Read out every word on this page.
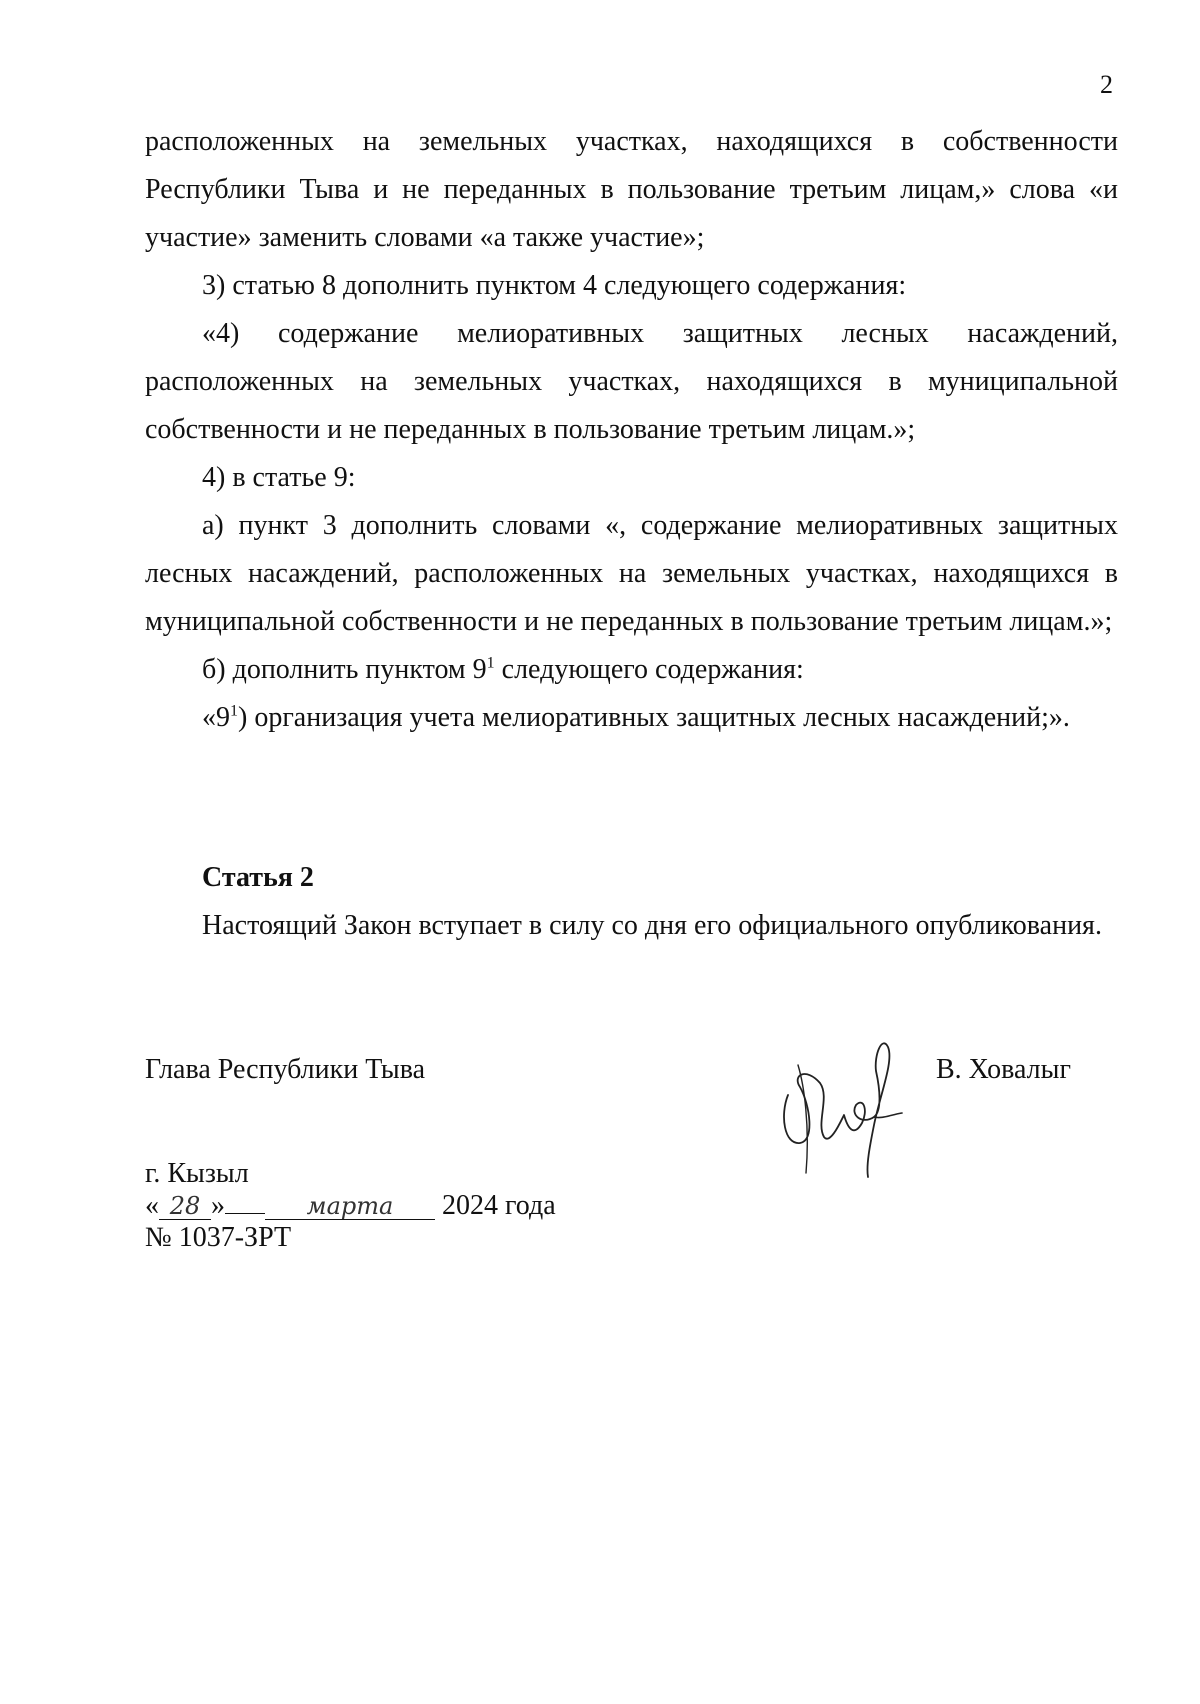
2

расположенных на земельных участках, находящихся в собственности Республики Тыва и не переданных в пользование третьим лицам,» слова «и участие» заменить словами «а также участие»;

3) статью 8 дополнить пунктом 4 следующего содержания:

«4) содержание мелиоративных защитных лесных насаждений, расположенных на земельных участках, находящихся в муниципальной собственности и не переданных в пользование третьим лицам.»;

4) в статье 9:

а) пункт 3 дополнить словами «, содержание мелиоративных защитных лесных насаждений, расположенных на земельных участках, находящихся в муниципальной собственности и не переданных в пользование третьим лицам.»;

б) дополнить пунктом $9^1$ следующего содержания:

«$9^1$) организация учета мелиоративных защитных лесных насаждений;».

Статья 2
Настоящий Закон вступает в силу со дня его официального опубликования.
Глава Республики Тыва	В. Ховалыг
г. Кызыл
« 28 »	марта 2024 года
№ 1037-ЗРТ
